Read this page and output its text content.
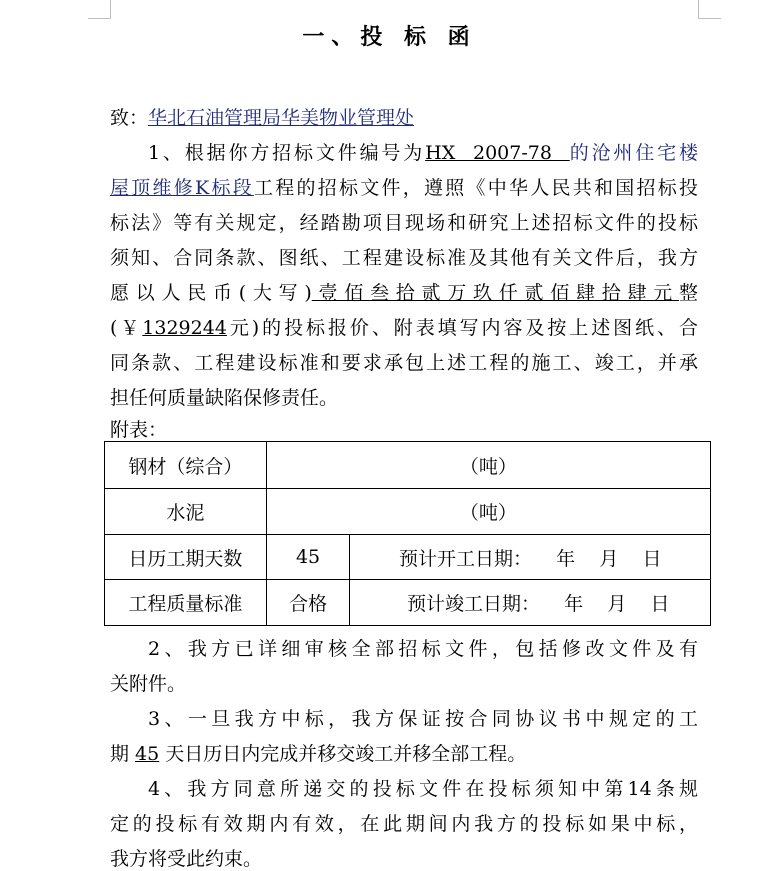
一、投 标 函
致：华北石油管理局华美物业管理处
1、根据你方招标文件编号为HX  2007-78  的沧州住宅楼
屋顶维修K标段工程的招标文件，遵照《中华人民共和国招标投
标法》等有关规定，经踏勘项目现场和研究上述招标文件的投标
须知、合同条款、图纸、工程建设标准及其他有关文件后，我方
愿以人民币(大写)壹佰叁拾贰万玖仟贰佰肆拾肆元整
(￥1329244元)的投标报价、附表填写内容及按上述图纸、合
同条款、工程建设标准和要求承包上述工程的施工、竣工，并承
担任何质量缺陷保修责任。
附表：
钢材（综合）	（吨）	
水泥	（吨）	
日历工期天数	45	预计开工日期： 年    月    日
工程质量标准	合格	预计竣工日期： 年    月    日
2、我方已详细审核全部招标文件，包括修改文件及有
关附件。
3、一旦我方中标，我方保证按合同协议书中规定的工
期 45 天日历日内完成并移交竣工并移全部工程。
4、我方同意所递交的投标文件在投标须知中第14条规
定的投标有效期内有效，在此期间内我方的投标如果中标，
我方将受此约束。
